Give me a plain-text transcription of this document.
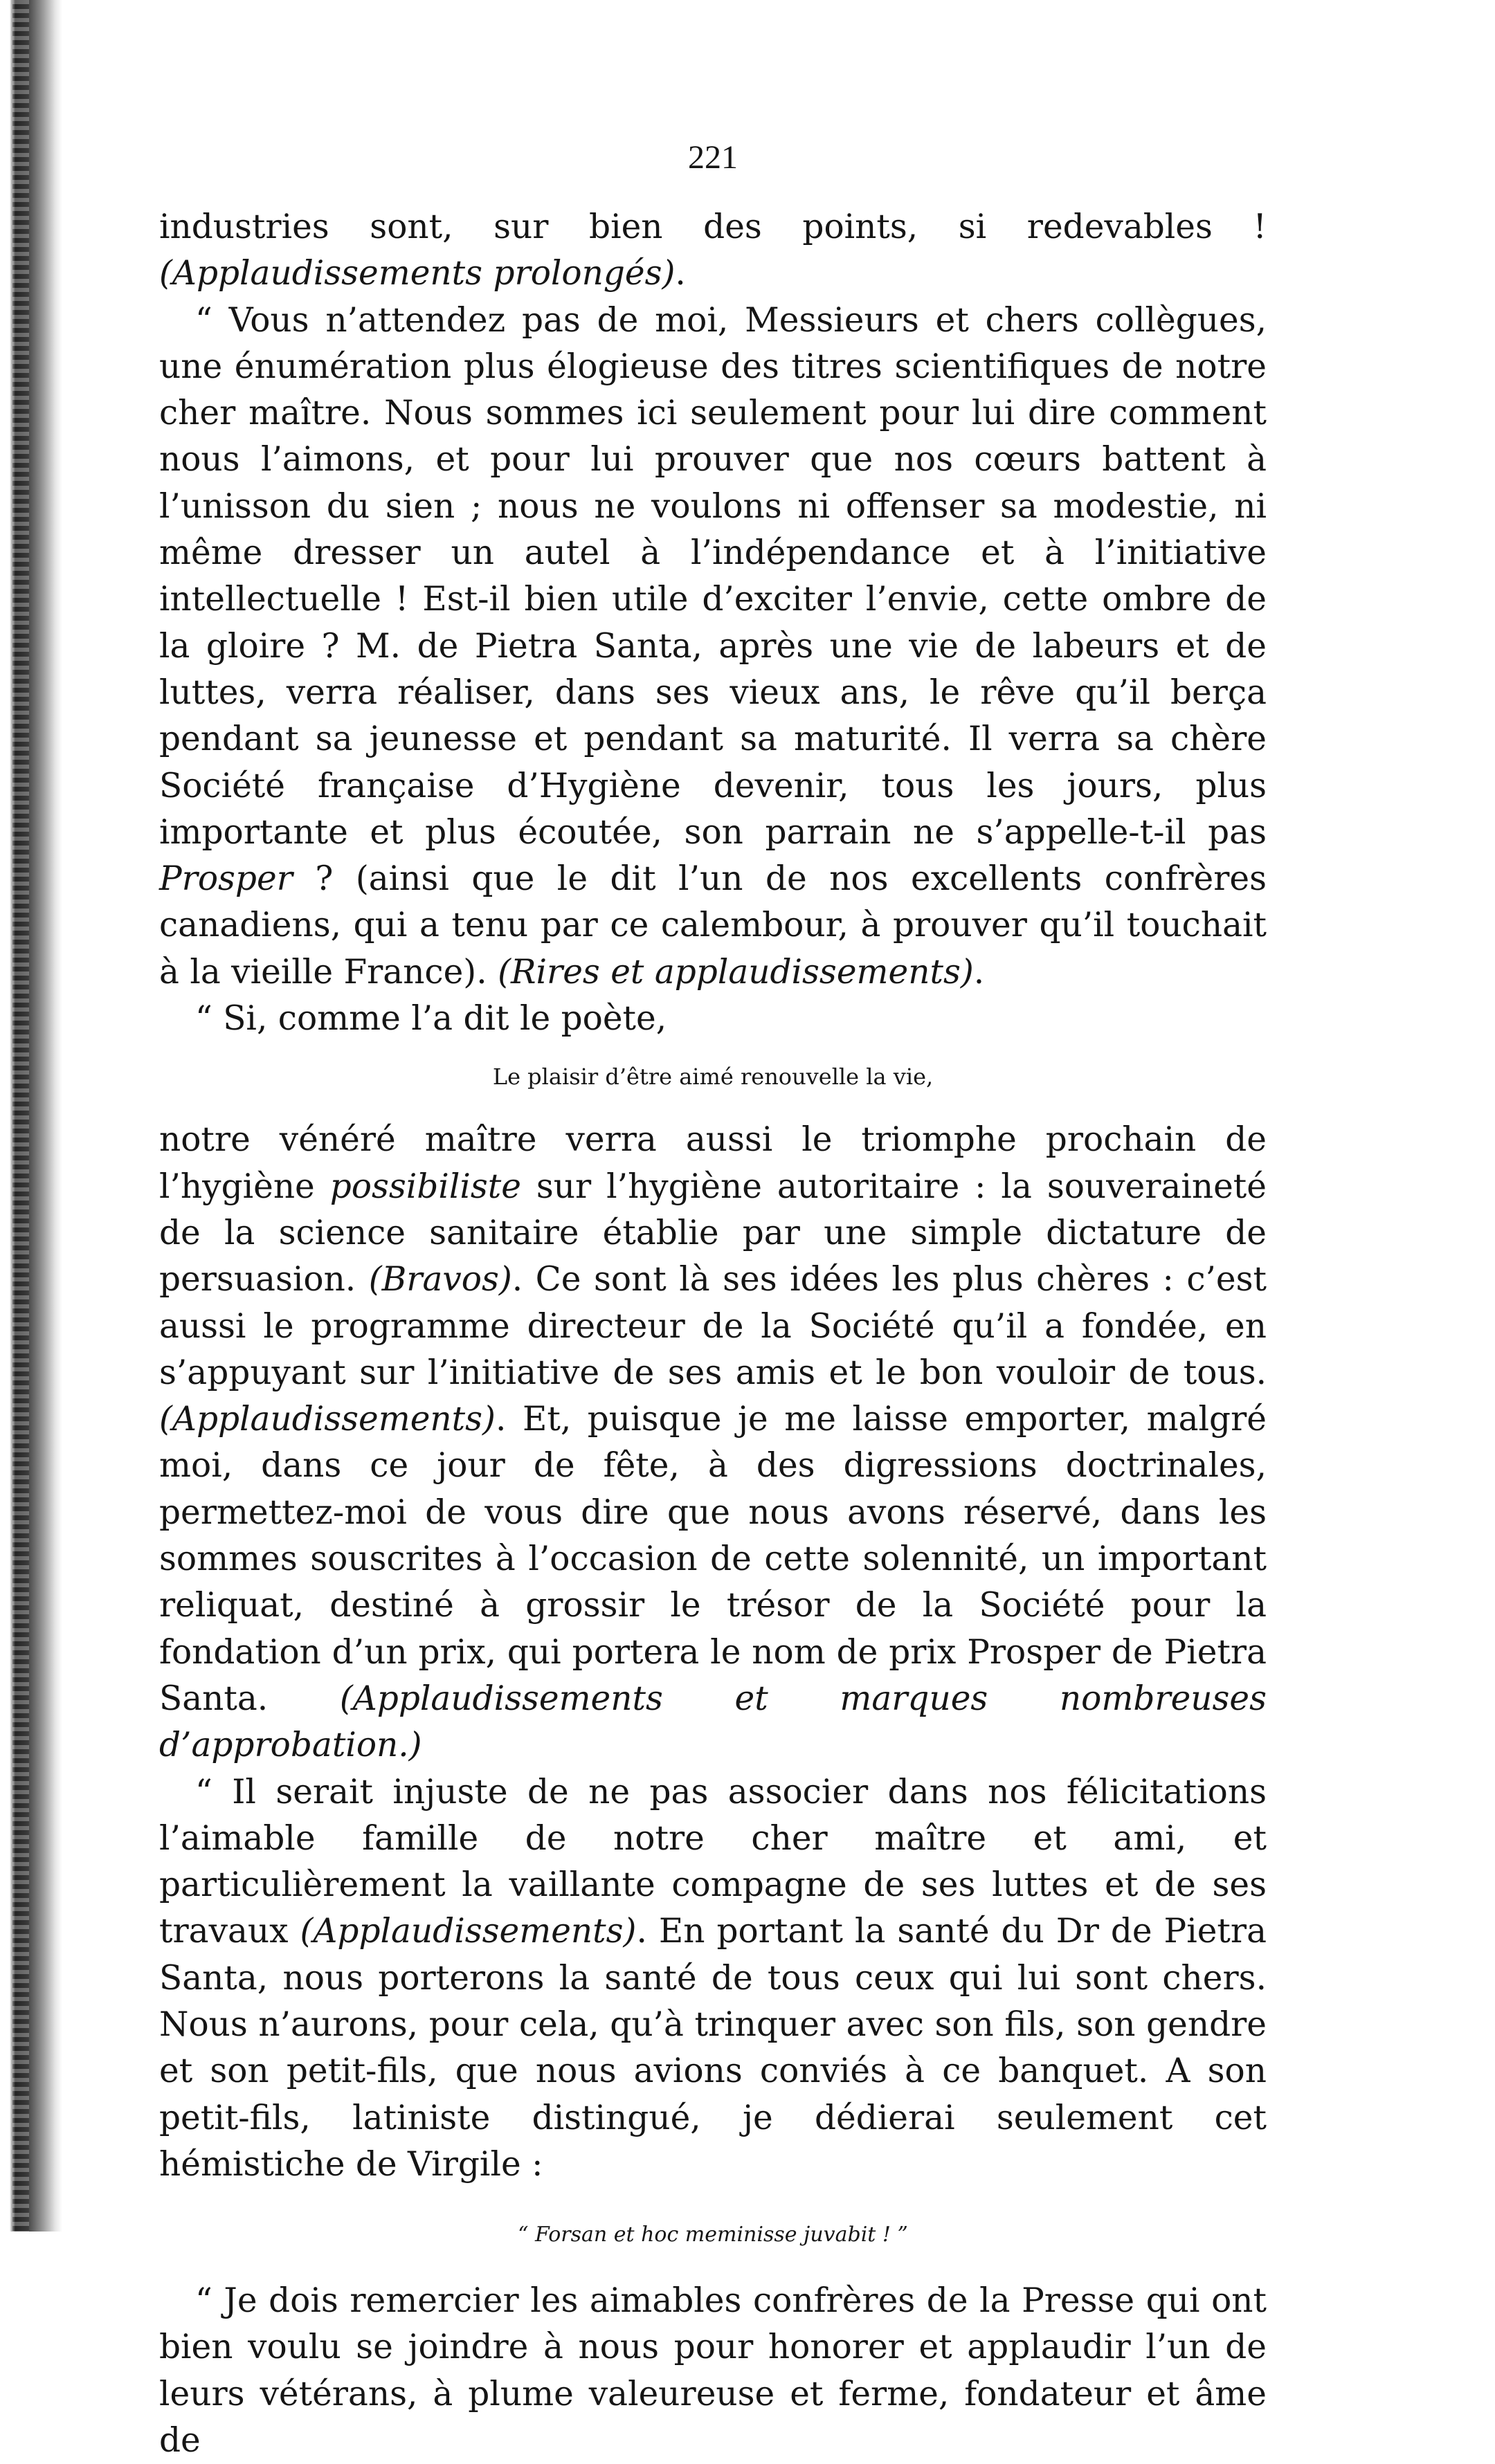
221

industries sont, sur bien des points, si redevables ! (Applaudissements prolongés).

“ Vous n’attendez pas de moi, Messieurs et chers collègues, une énumération plus élogieuse des titres scientifiques de notre cher maître. Nous sommes ici seulement pour lui dire comment nous l’aimons, et pour lui prouver que nos cœurs battent à l’unisson du sien ; nous ne voulons ni offenser sa modestie, ni même dresser un autel à l’indépendance et à l’initiative intellectuelle ! Est-il bien utile d’exciter l’envie, cette ombre de la gloire ? M. de Pietra Santa, après une vie de labeurs et de luttes, verra réaliser, dans ses vieux ans, le rêve qu’il berça pendant sa jeunesse et pendant sa maturité. Il verra sa chère Société française d’Hygiène devenir, tous les jours, plus importante et plus écoutée, son parrain ne s’appelle-t-il pas Prosper ? (ainsi que le dit l’un de nos excellents confrères canadiens, qui a tenu par ce calembour, à prouver qu’il touchait à la vieille France). (Rires et applaudissements).

“ Si, comme l’a dit le poète,

Le plaisir d’être aimé renouvelle la vie,

notre vénéré maître verra aussi le triomphe prochain de l’hygiène possibiliste sur l’hygiène autoritaire : la souveraineté de la science sanitaire établie par une simple dictature de persuasion. (Bravos). Ce sont là ses idées les plus chères : c’est aussi le programme directeur de la Société qu’il a fondée, en s’appuyant sur l’initiative de ses amis et le bon vouloir de tous. (Applaudissements). Et, puisque je me laisse emporter, malgré moi, dans ce jour de fête, à des digressions doctrinales, permettez-moi de vous dire que nous avons réservé, dans les sommes souscrites à l’occasion de cette solennité, un important reliquat, destiné à grossir le trésor de la Société pour la fondation d’un prix, qui portera le nom de prix Prosper de Pietra Santa. (Applaudissements et marques nombreuses d’approbation.)

“ Il serait injuste de ne pas associer dans nos félicitations l’aimable famille de notre cher maître et ami, et particulièrement la vaillante compagne de ses luttes et de ses travaux (Applaudissements). En portant la santé du Dr de Pietra Santa, nous porterons la santé de tous ceux qui lui sont chers. Nous n’aurons, pour cela, qu’à trinquer avec son fils, son gendre et son petit-fils, que nous avions conviés à ce banquet. A son petit-fils, latiniste distingué, je dédierai seulement cet hémistiche de Virgile :

“ Forsan et hoc meminisse juvabit ! ”

“ Je dois remercier les aimables confrères de la Presse qui ont bien voulu se joindre à nous pour honorer et applaudir l’un de leurs vétérans, à plume valeureuse et ferme, fondateur et âme de
